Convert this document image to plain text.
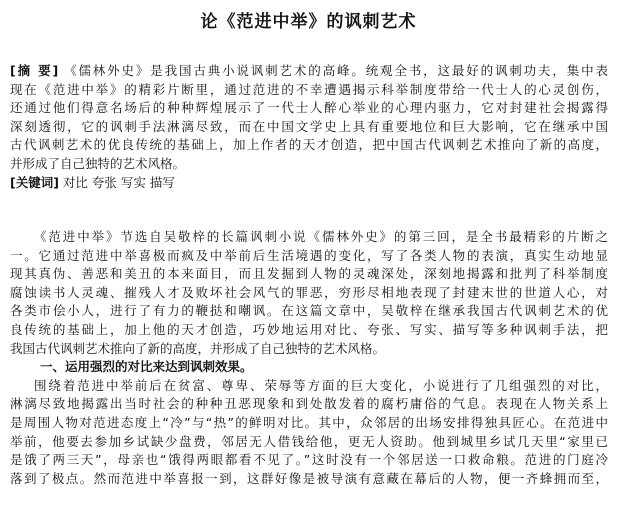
论《范进中举》的讽刺艺术
[摘 要] 《儒林外史》是我国古典小说讽刺艺术的高峰。统观全书，这最好的讽刺功夫，集中表
现在《范进中举》的精彩片断里，通过范进的不幸遭遇揭示科举制度带给一代士人的心灵创伤，
还通过他们得意名场后的种种辉煌展示了一代士人醉心举业的心理内驱力，它对封建社会揭露得
深刻透彻，它的讽刺手法淋漓尽致，而在中国文学史上具有重要地位和巨大影响，它在继承中国
古代讽刺艺术的优良传统的基础上，加上作者的天才创造，把中国古代讽刺艺术推向了新的高度，
并形成了自己独特的艺术风格。
[关键词] 对比 夸张 写实 描写
《范进中举》节选自吴敬梓的长篇讽刺小说《儒林外史》的第三回，是全书最精彩的片断之
一。它通过范进中举喜极而疯及中举前后生活境遇的变化，写了各类人物的表演，真实生动地显
现其真伪、善恶和美丑的本来面目，而且发掘到人物的灵魂深处，深刻地揭露和批判了科举制度
腐蚀读书人灵魂、摧残人才及败坏社会风气的罪恶，穷形尽相地表现了封建末世的世道人心，对
各类市侩小人，进行了有力的鞭挞和嘲讽。在这篇文章中，吴敬梓在继承我国古代讽刺艺术的优
良传统的基础上，加上他的天才创造，巧妙地运用对比、夸张、写实、描写等多种讽刺手法，把
我国古代讽刺艺术推向了新的高度，并形成了自己独特的艺术风格。
一、运用强烈的对比来达到讽刺效果。
围绕着范进中举前后在贫富、尊卑、荣辱等方面的巨大变化，小说进行了几组强烈的对比，
淋漓尽致地揭露出当时社会的种种丑恶现象和到处散发着的腐朽庸俗的气息。表现在人物关系上
是周围人物对范进态度上“冷”与“热”的鲜明对比。其中，众邻居的出场安排得独具匠心。在范进中
举前，他要去参加乡试缺少盘费，邻居无人借钱给他，更无人资助。他到城里乡试几天里“家里已
是饿了两三天”，母亲也“饿得两眼都看不见了。”这时没有一个邻居送一口救命粮。范进的门庭冷
落到了极点。然而范进中举喜报一到，这群好像是被导演有意藏在幕后的人物，便一齐蜂拥而至，
